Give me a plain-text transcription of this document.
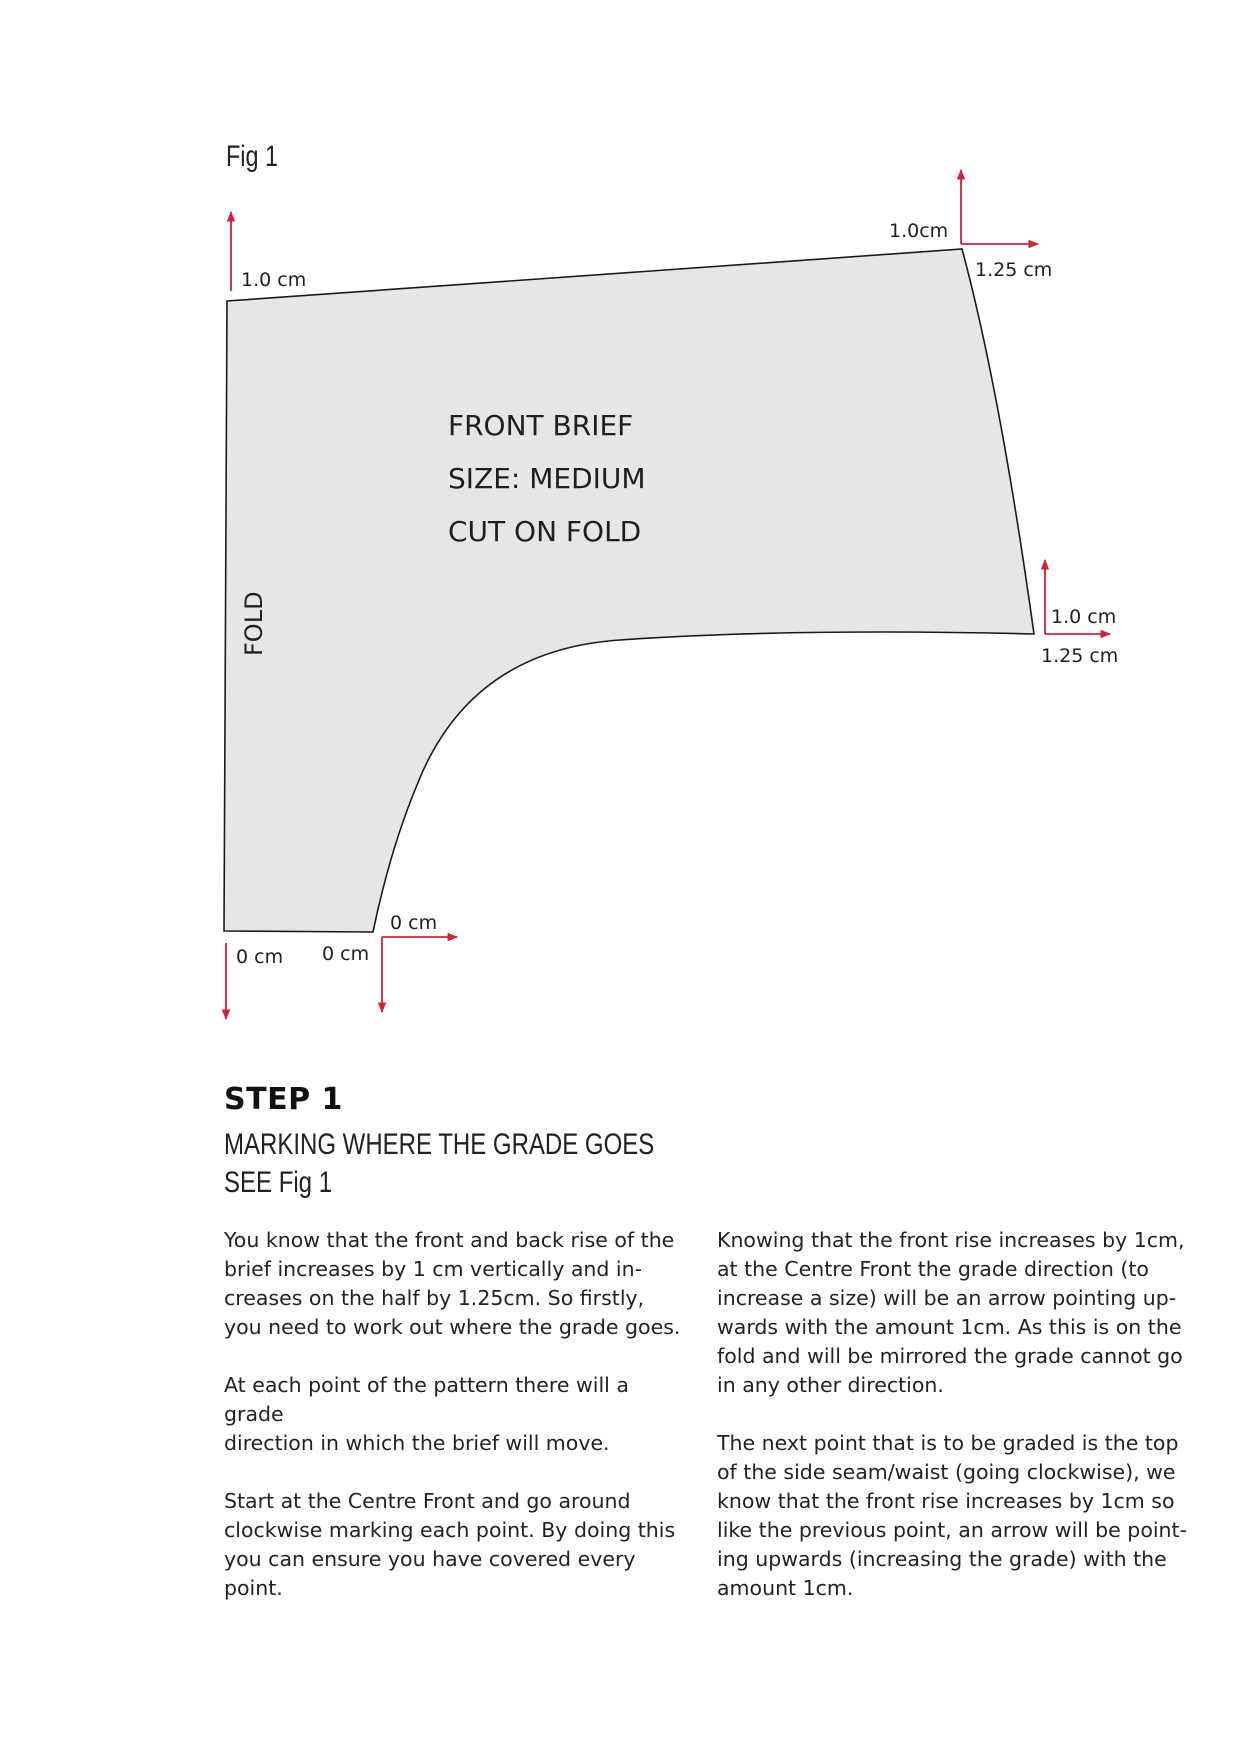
Fig 1
FRONT BRIEF
SIZE: MEDIUM
CUT ON FOLD
FOLD
1.0 cm
1.0cm
1.25 cm
1.0 cm
1.25 cm
0 cm
0 cm 0 cm
STEP 1
MARKING WHERE THE GRADE GOES
SEE Fig 1

You know that the front and back rise of the
brief increases by 1 cm vertically and in-
creases on the half by 1.25cm. So firstly,
you need to work out where the grade goes.

At each point of the pattern there will a grade
direction in which the brief will move.

Start at the Centre Front and go around
clockwise marking each point. By doing this
you can ensure you have covered every point.

Knowing that the front rise increases by 1cm,
at the Centre Front the grade direction (to
increase a size) will be an arrow pointing up-
wards with the amount 1cm. As this is on the
fold and will be mirrored the grade cannot go
in any other direction.

The next point that is to be graded is the top
of the side seam/waist (going clockwise), we
know that the front rise increases by 1cm so
like the previous point, an arrow will be point-
ing upwards (increasing the grade) with the
amount 1cm.
